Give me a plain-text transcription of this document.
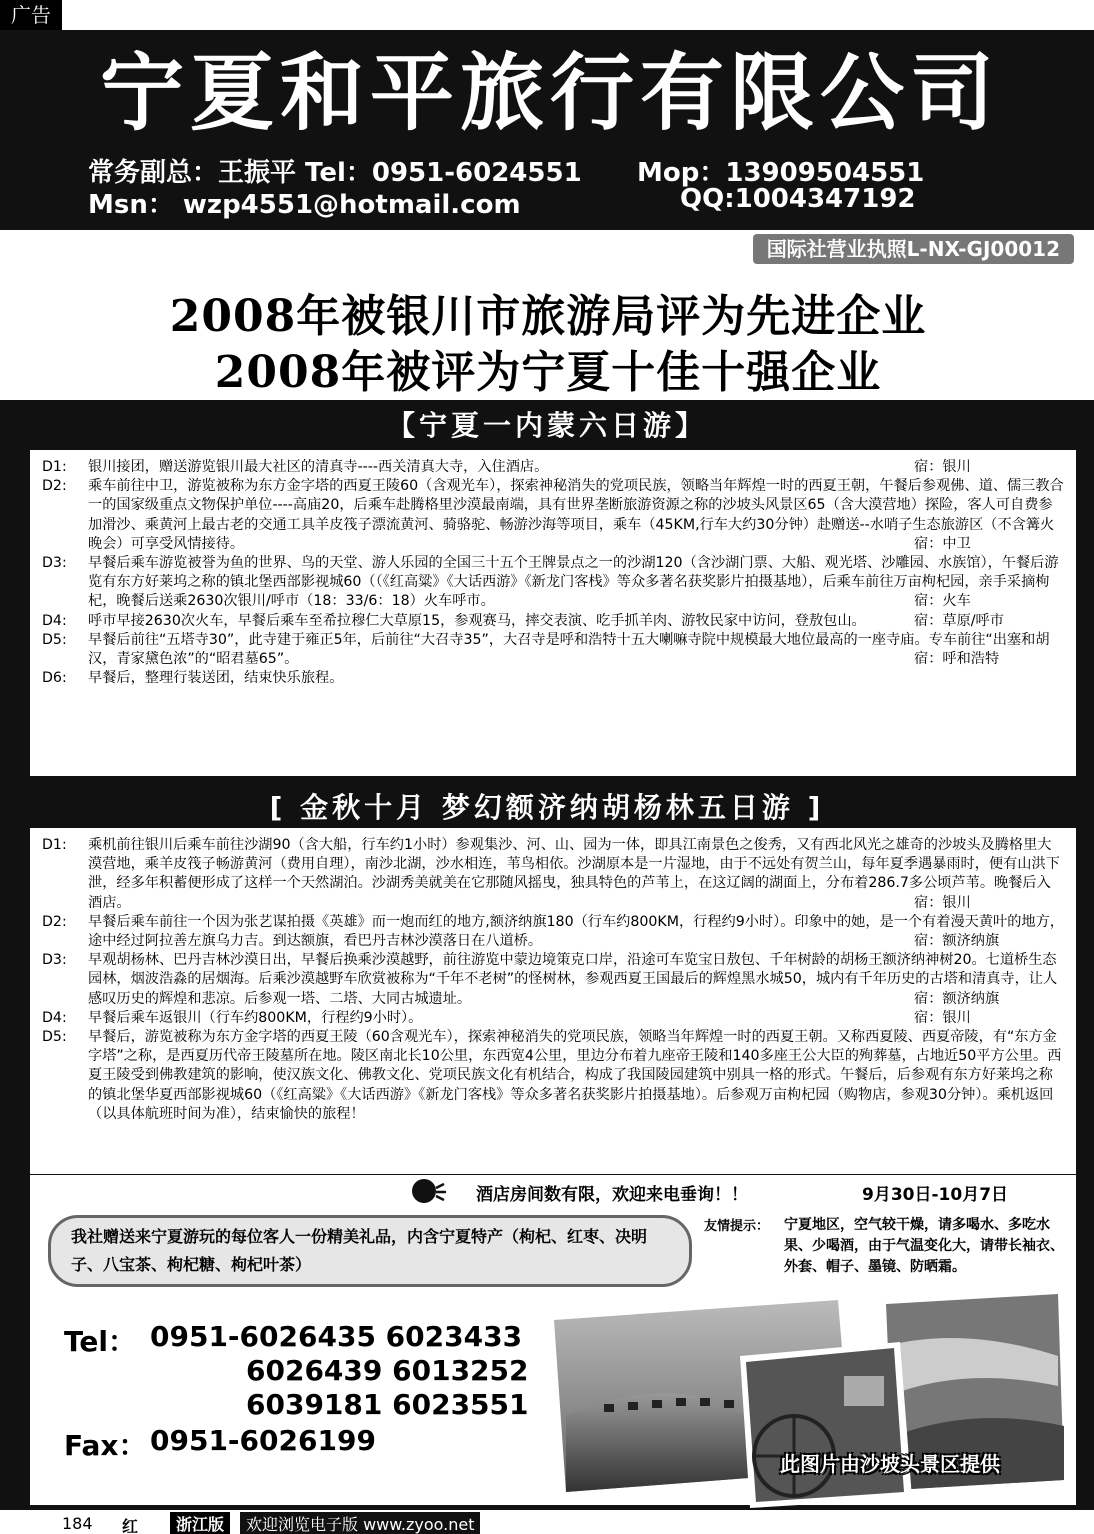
广告
宁夏和平旅行有限公司
常务副总：王振平 Tel：0951-6024551 Mop：13909504551
Msn： wzp4551@hotmail.com	QQ:1004347192
国际社营业执照L-NX-GJ00012
2008年被银川市旅游局评为先进企业
2008年被评为宁夏十佳十强企业
【宁夏一内蒙六日游】
D1:	银川接团，赠送游览银川最大社区的清真寺----西关清真大寺，入住酒店。	宿：银川
D2:	乘车前往中卫，游览被称为东方金字塔的西夏王陵60（含观光车），探索神秘消失的党项民族，领略当年辉煌一时的西夏王朝，午餐后参观佛、道、儒三教合一的国家级重点文物保护单位----高庙20，后乘车赴腾格里沙漠最南端，具有世界垄断旅游资源之称的沙坡头风景区65（含大漠营地）探险，客人可自费参加滑沙、乘黄河上最古老的交通工具羊皮筏子漂流黄河、骑骆驼、畅游沙海等项目，乘车（45KM,行车大约30分钟）赴赠送--水哨子生态旅游区（不含篝火晚会）可享受风情接待。	宿：中卫
D3:	早餐后乘车游览被誉为鱼的世界、鸟的天堂、游人乐园的全国三十五个王牌景点之一的沙湖120（含沙湖门票、大船、观光塔、沙雕园、水族馆），午餐后游览有东方好莱坞之称的镇北堡西部影视城60（（《红高粱》《大话西游》《新龙门客栈》等众多著名获奖影片拍摄基地），后乘车前往万亩枸杞园，亲手采摘枸杞，晚餐后送乘2630次银川/呼市（18：33/6：18）火车呼市。	宿：火车
D4:	呼市早接2630次火车，早餐后乘车至希拉穆仁大草原15，参观赛马，摔交表演、吃手抓羊肉、游牧民家中访问，登敖包山。	宿：草原/呼市
D5:	早餐后前往“五塔寺30”，此寺建于雍正5年，后前往“大召寺35”，大召寺是呼和浩特十五大喇嘛寺院中规模最大地位最高的一座寺庙。专车前往“出塞和胡汉，青家黛色浓”的“昭君墓65”。	宿：呼和浩特
D6:	早餐后，整理行装送团，结束快乐旅程。
[ 金秋十月 梦幻额济纳胡杨林五日游 ]
D1:	乘机前往银川后乘车前往沙湖90（含大船，行车约1小时）参观集沙、河、山、园为一体，即具江南景色之俊秀，又有西北风光之雄奇的沙坡头及腾格里大漠营地，乘羊皮筏子畅游黄河（费用自理），南沙北湖，沙水相连，苇鸟相依。沙湖原本是一片湿地，由于不远处有贺兰山，每年夏季遇暴雨时，便有山洪下泄，经多年积蓄便形成了这样一个天然湖泊。沙湖秀美就美在它那随风摇曳，独具特色的芦苇上，在这辽阔的湖面上，分布着286.7多公顷芦苇。晚餐后入酒店。	宿：银川
D2:	早餐后乘车前往一个因为张艺谋拍摄《英雄》而一炮而红的地方,额济纳旗180（行车约800KM，行程约9小时）。印象中的她，是一个有着漫天黄叶的地方，途中经过阿拉善左旗乌力吉。到达额旗，看巴丹吉林沙漠落日在八道桥。	宿：额济纳旗
D3:	早观胡杨林、巴丹吉林沙漠日出，早餐后换乘沙漠越野，前往游览中蒙边境策克口岸，沿途可车览宝日敖包、千年树龄的胡杨王额济纳神树20。七道桥生态园林，烟波浩淼的居烟海。后乘沙漠越野车欣赏被称为“千年不老树”的怪树林，参观西夏王国最后的辉煌黑水城50，城内有千年历史的古塔和清真寺，让人感叹历史的辉煌和悲凉。后参观一塔、二塔、大同古城遗址。	宿：额济纳旗
D4:	早餐后乘车返银川（行车约800KM，行程约9小时）。	宿：银川
D5:	早餐后，游览被称为东方金字塔的西夏王陵（60含观光车），探索神秘消失的党项民族，领略当年辉煌一时的西夏王朝。又称西夏陵、西夏帝陵，有“东方金字塔”之称，是西夏历代帝王陵墓所在地。陵区南北长10公里，东西宽4公里，里边分布着九座帝王陵和140多座王公大臣的殉葬墓，占地近50平方公里。西夏王陵受到佛教建筑的影响，使汉族文化、佛教文化、党项民族文化有机结合，构成了我国陵园建筑中别具一格的形式。午餐后，后参观有东方好莱坞之称的镇北堡华夏西部影视城60（《红高粱》《大话西游》《新龙门客栈》等众多著名获奖影片拍摄基地）。后参观万亩枸杞园（购物店，参观30分钟）。乘机返回（以具体航班时间为准），结束愉快的旅程！
酒店房间数有限，欢迎来电垂询！！	9月30日-10月7日
我社赠送来宁夏游玩的每位客人一份精美礼品，内含宁夏特产（枸杞、红枣、决明子、八宝茶、枸杞糖、枸杞叶茶）
友情提示： 宁夏地区，空气较干燥，请多喝水、多吃水果、少喝酒，由于气温变化大，请带长袖衣、外套、帽子、墨镜、防晒霜。
Tel： 0951-6026435 6023433
6026439 6013252
6039181 6023551
Fax： 0951-6026199
此图片由沙坡头景区提供
184 红	浙江版	欢迎浏览电子版 www.zyoo.net
